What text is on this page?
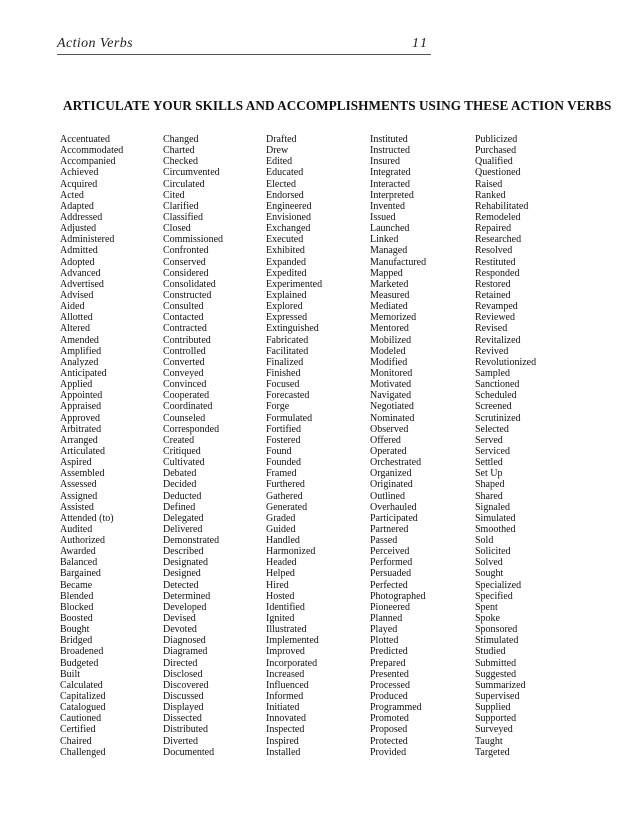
Action Verbs	11
ARTICULATE YOUR SKILLS AND ACCOMPLISHMENTS USING THESE ACTION VERBS
Accentuated
Accommodated
Accompanied
Achieved
Acquired
Acted
Adapted
Addressed
Adjusted
Administered
Admitted
Adopted
Advanced
Advertised
Advised
Aided
Allotted
Altered
Amended
Amplified
Analyzed
Anticipated
Applied
Appointed
Appraised
Approved
Arbitrated
Arranged
Articulated
Aspired
Assembled
Assessed
Assigned
Assisted
Attended (to)
Audited
Authorized
Awarded
Balanced
Bargained
Became
Blended
Blocked
Boosted
Bought
Bridged
Broadened
Budgeted
Built
Calculated
Capitalized
Catalogued
Cautioned
Certified
Chaired
Challenged
Changed
Charted
Checked
Circumvented
Circulated
Cited
Clarified
Classified
Closed
Commissioned
Confronted
Conserved
Considered
Consolidated
Constructed
Consulted
Contacted
Contracted
Contributed
Controlled
Converted
Conveyed
Convinced
Cooperated
Coordinated
Counseled
Corresponded
Created
Critiqued
Cultivated
Debated
Decided
Deducted
Defined
Delegated
Delivered
Demonstrated
Described
Designated
Designed
Detected
Determined
Developed
Devised
Devoted
Diagnosed
Diagramed
Directed
Disclosed
Discovered
Discussed
Displayed
Dissected
Distributed
Diverted
Documented
Drafted
Drew
Edited
Educated
Elected
Endorsed
Engineered
Envisioned
Exchanged
Executed
Exhibited
Expanded
Expedited
Experimented
Explained
Explored
Expressed
Extinguished
Fabricated
Facilitated
Finalized
Finished
Focused
Forecasted
Forge
Formulated
Fortified
Fostered
Found
Founded
Framed
Furthered
Gathered
Generated
Graded
Guided
Handled
Harmonized
Headed
Helped
Hired
Hosted
Identified
Ignited
Illustrated
Implemented
Improved
Incorporated
Increased
Influenced
Informed
Initiated
Innovated
Inspected
Inspired
Installed
Instituted
Instructed
Insured
Integrated
Interacted
Interpreted
Invented
Issued
Launched
Linked
Managed
Manufactured
Mapped
Marketed
Measured
Mediated
Memorized
Mentored
Mobilized
Modeled
Modified
Monitored
Motivated
Navigated
Negotiated
Nominated
Observed
Offered
Operated
Orchestrated
Organized
Originated
Outlined
Overhauled
Participated
Partnered
Passed
Perceived
Performed
Persuaded
Perfected
Photographed
Pioneered
Planned
Played
Plotted
Predicted
Prepared
Presented
Processed
Produced
Programmed
Promoted
Proposed
Protected
Provided
Publicized
Purchased
Qualified
Questioned
Raised
Ranked
Rehabilitated
Remodeled
Repaired
Researched
Resolved
Restituted
Responded
Restored
Retained
Revamped
Reviewed
Revised
Revitalized
Revived
Revolutionized
Sampled
Sanctioned
Scheduled
Screened
Scrutinized
Selected
Served
Serviced
Settled
Set Up
Shaped
Shared
Signaled
Simulated
Smoothed
Sold
Solicited
Solved
Sought
Specialized
Specified
Spent
Spoke
Sponsored
Stimulated
Studied
Submitted
Suggested
Summarized
Supervised
Supplied
Supported
Surveyed
Taught
Targeted
